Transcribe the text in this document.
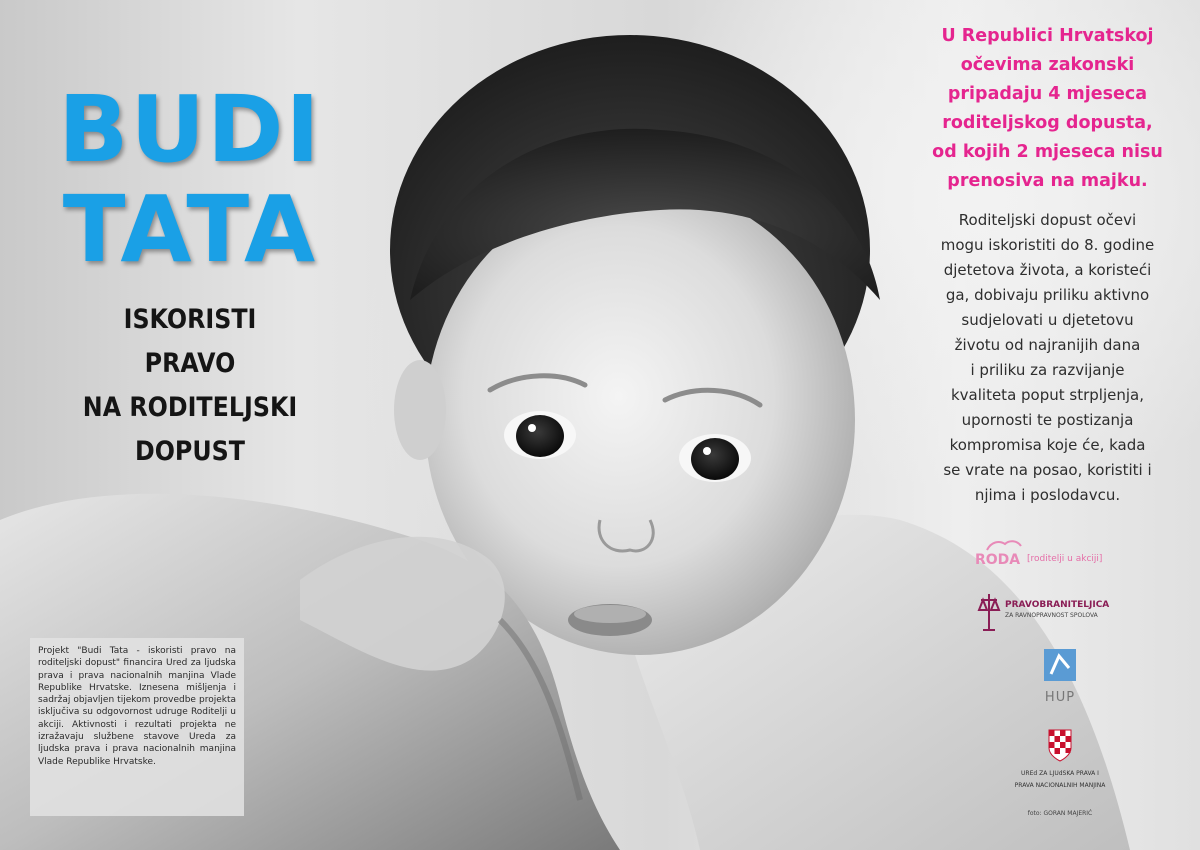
BUDI
TATA
ISKORISTI
PRAVO
NA RODITELJSKI
DOPUST
U Republici Hrvatskoj
očevima zakonski
pripadaju 4 mjeseca
roditeljskog dopusta,
od kojih 2 mjeseca nisu
prenosiva na majku.
Roditeljski dopust očevi
mogu iskoristiti do 8. godine
djetetova života, a koristeći
ga, dobivaju priliku aktivno
sudjelovati u djetetovu
životu od najranijih dana
i priliku za razvijanje
kvaliteta poput strpljenja,
upornosti te postizanja
kompromisa koje će, kada
se vrate na posao, koristiti i
njima i poslodavcu.
RODA [roditelji u akciji]
PRAVOBRANITELJICA
ZA RAVNOPRAVNOST SPOLOVA
HUP
UREd ZA LJUdSKA PRAVA I
PRAVA NACIONALNIH MANJINA
foto: GORAN MAJERIĆ
Projekt "Budi Tata - iskoristi pravo na roditeljski dopust" financira Ured za ljudska prava i prava nacionalnih manjina Vlade Republike Hrvatske. Iznesena mišljenja i sadržaj objavljen tijekom provedbe projekta isključiva su odgovornost udruge Roditelji u akciji. Aktivnosti i rezultati projekta ne izražavaju službene stavove Ureda za ljudska prava i prava nacionalnih manjina Vlade Republike Hrvatske.
